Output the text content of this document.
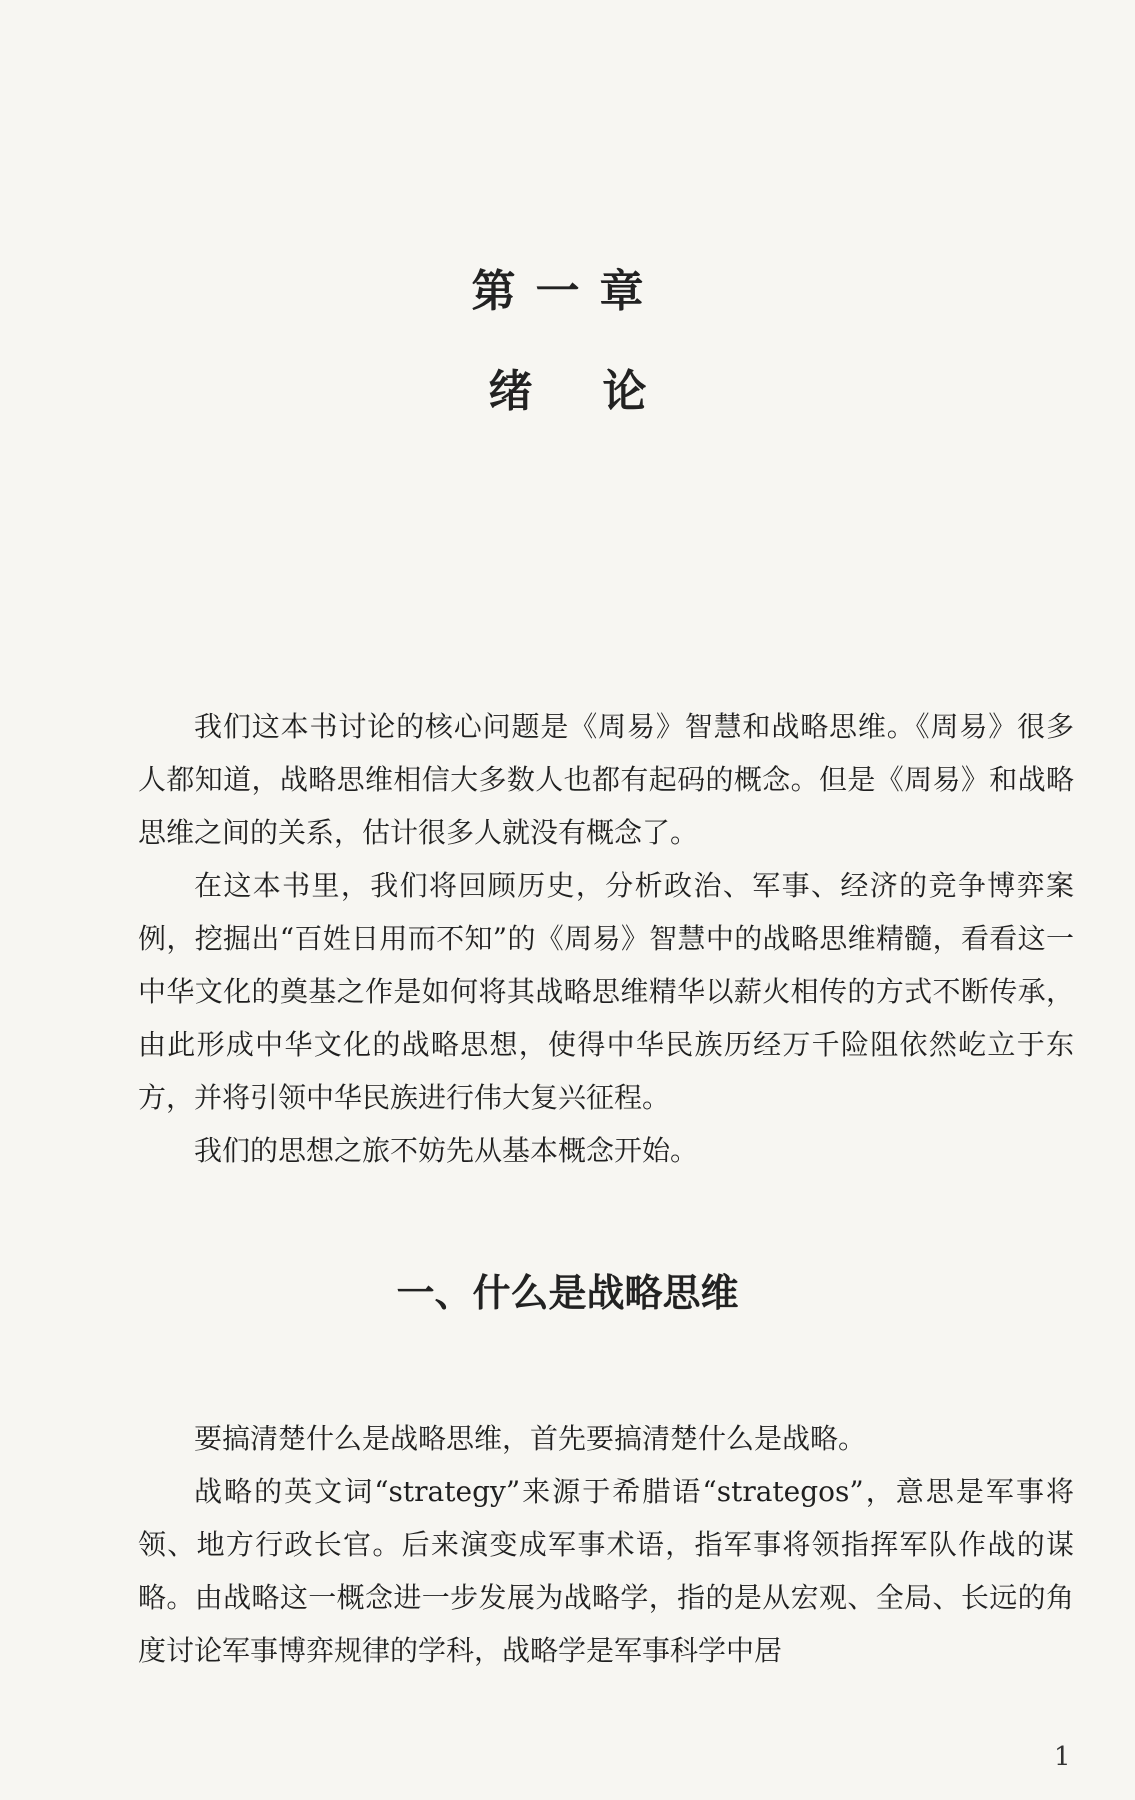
第一章
绪论

我们这本书讨论的核心问题是《周易》智慧和战略思维。《周易》很多人都知道，战略思维相信大多数人也都有起码的概念。但是《周易》和战略思维之间的关系，估计很多人就没有概念了。

在这本书里，我们将回顾历史，分析政治、军事、经济的竞争博弈案例，挖掘出“百姓日用而不知”的《周易》智慧中的战略思维精髓，看看这一中华文化的奠基之作是如何将其战略思维精华以薪火相传的方式不断传承，由此形成中华文化的战略思想，使得中华民族历经万千险阻依然屹立于东方，并将引领中华民族进行伟大复兴征程。

我们的思想之旅不妨先从基本概念开始。

一、什么是战略思维

要搞清楚什么是战略思维，首先要搞清楚什么是战略。

战略的英文词“strategy”来源于希腊语“strategos”，意思是军事将领、地方行政长官。后来演变成军事术语，指军事将领指挥军队作战的谋略。由战略这一概念进一步发展为战略学，指的是从宏观、全局、长远的角度讨论军事博弈规律的学科，战略学是军事科学中居

1
